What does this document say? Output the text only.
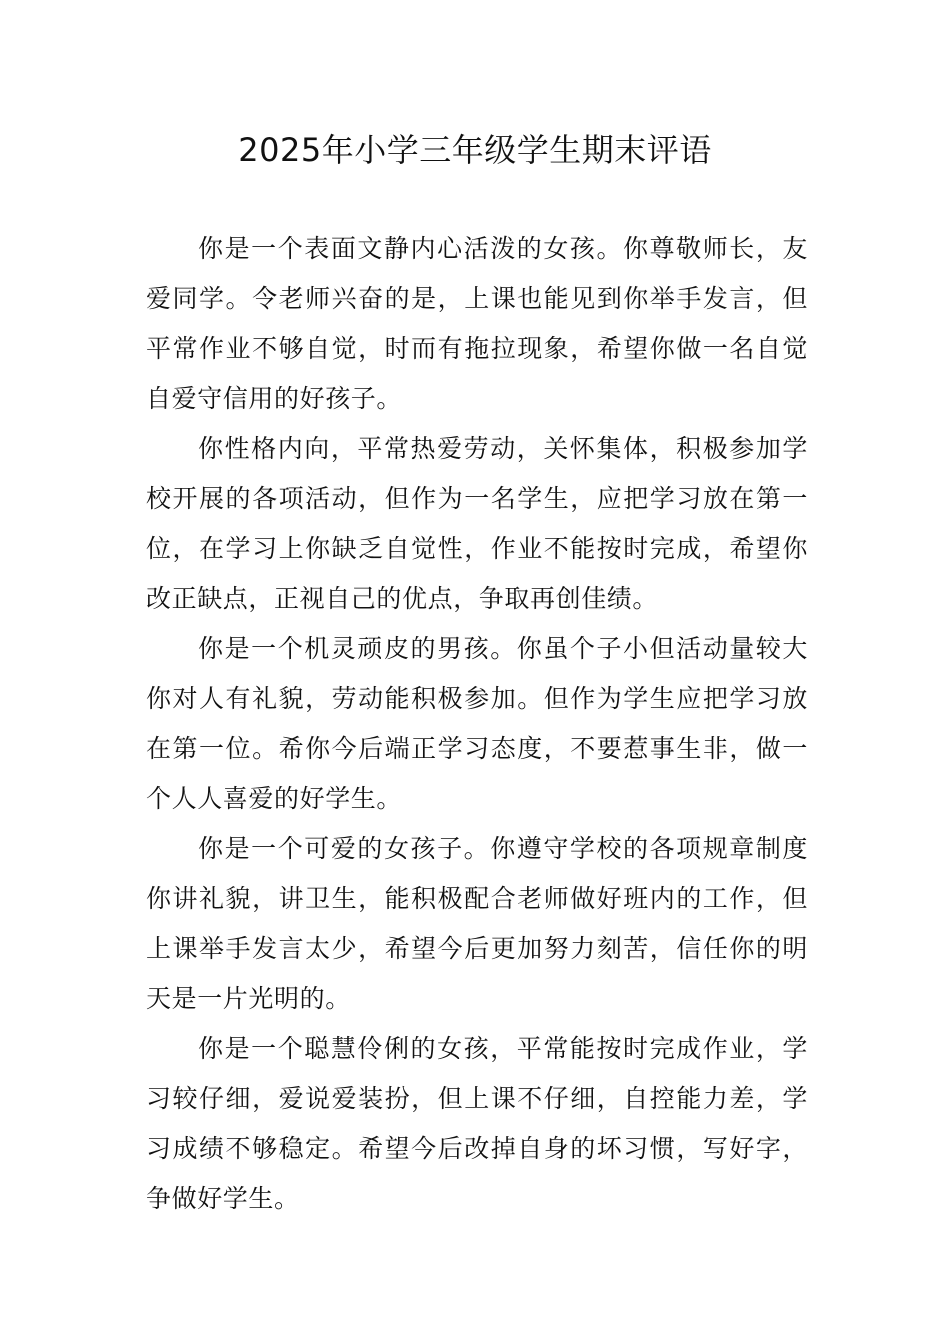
2025年小学三年级学生期末评语

你是一个表面文静内心活泼的女孩。你尊敬师长，友爱同学。令老师兴奋的是，上课也能见到你举手发言，但平常作业不够自觉，时而有拖拉现象，希望你做一名自觉自爱守信用的好孩子。

你性格内向，平常热爱劳动，关怀集体，积极参加学校开展的各项活动，但作为一名学生，应把学习放在第一位，在学习上你缺乏自觉性，作业不能按时完成，希望你改正缺点，正视自己的优点，争取再创佳绩。

你是一个机灵顽皮的男孩。你虽个子小但活动量较大你对人有礼貌，劳动能积极参加。但作为学生应把学习放在第一位。希你今后端正学习态度，不要惹事生非，做一个人人喜爱的好学生。

你是一个可爱的女孩子。你遵守学校的各项规章制度你讲礼貌，讲卫生，能积极配合老师做好班内的工作，但上课举手发言太少，希望今后更加努力刻苦，信任你的明天是一片光明的。

你是一个聪慧伶俐的女孩，平常能按时完成作业，学习较仔细，爱说爱装扮，但上课不仔细，自控能力差，学习成绩不够稳定。希望今后改掉自身的坏习惯，写好字，争做好学生。
